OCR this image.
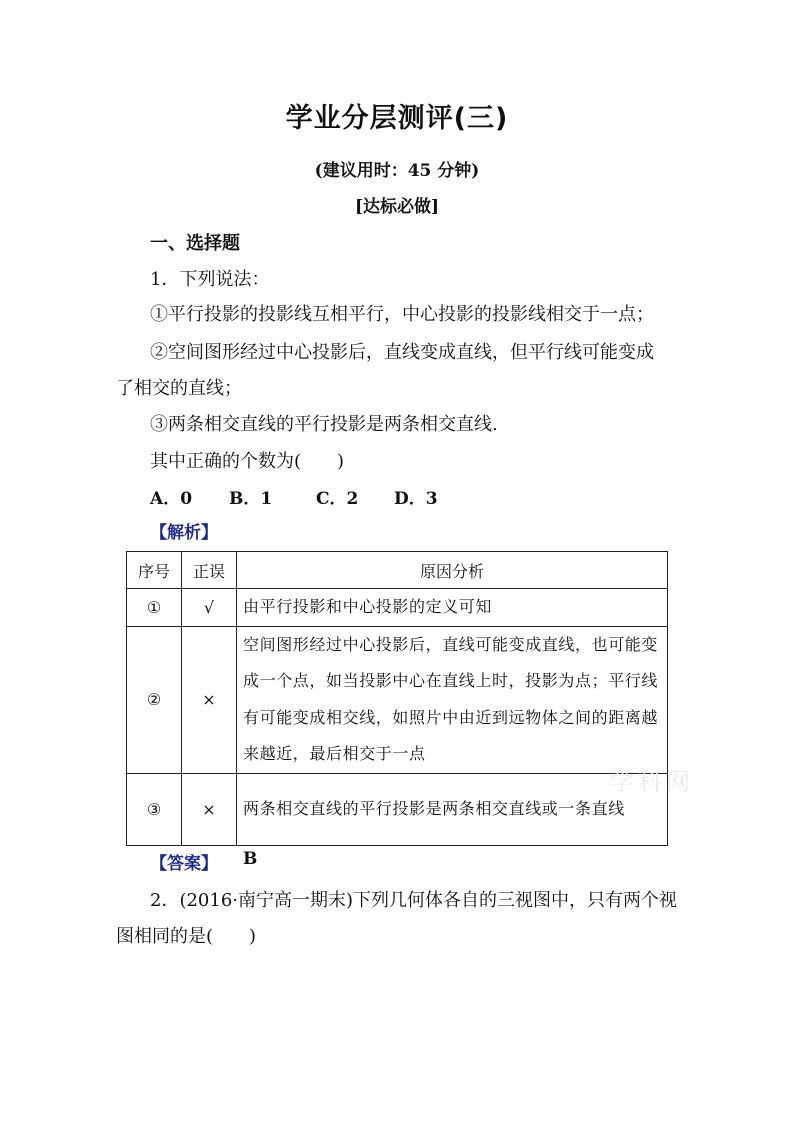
学业分层测评(三)
(建议用时：45 分钟)
[达标必做]
一、选择题
1．下列说法：
①平行投影的投影线互相平行，中心投影的投影线相交于一点；
②空间图形经过中心投影后，直线变成直线，但平行线可能变成
了相交的直线；
③两条相交直线的平行投影是两条相交直线.
其中正确的个数为(　　)
A．0 B．1	C．2 D．3
【解析】
序号	正误	原因分析
①	√	由平行投影和中心投影的定义可知
②	×	空间图形经过中心投影后，直线可能变成直线，也可能变成一个点，如当投影中心在直线上时，投影为点；平行线有可能变成相交线，如照片中由近到远物体之间的距离越来越近，最后相交于一点
③	×	两条相交直线的平行投影是两条相交直线或一条直线
学科网
【答案】 B
2．(2016·南宁高一期末)下列几何体各自的三视图中，只有两个视
图相同的是(　　)
